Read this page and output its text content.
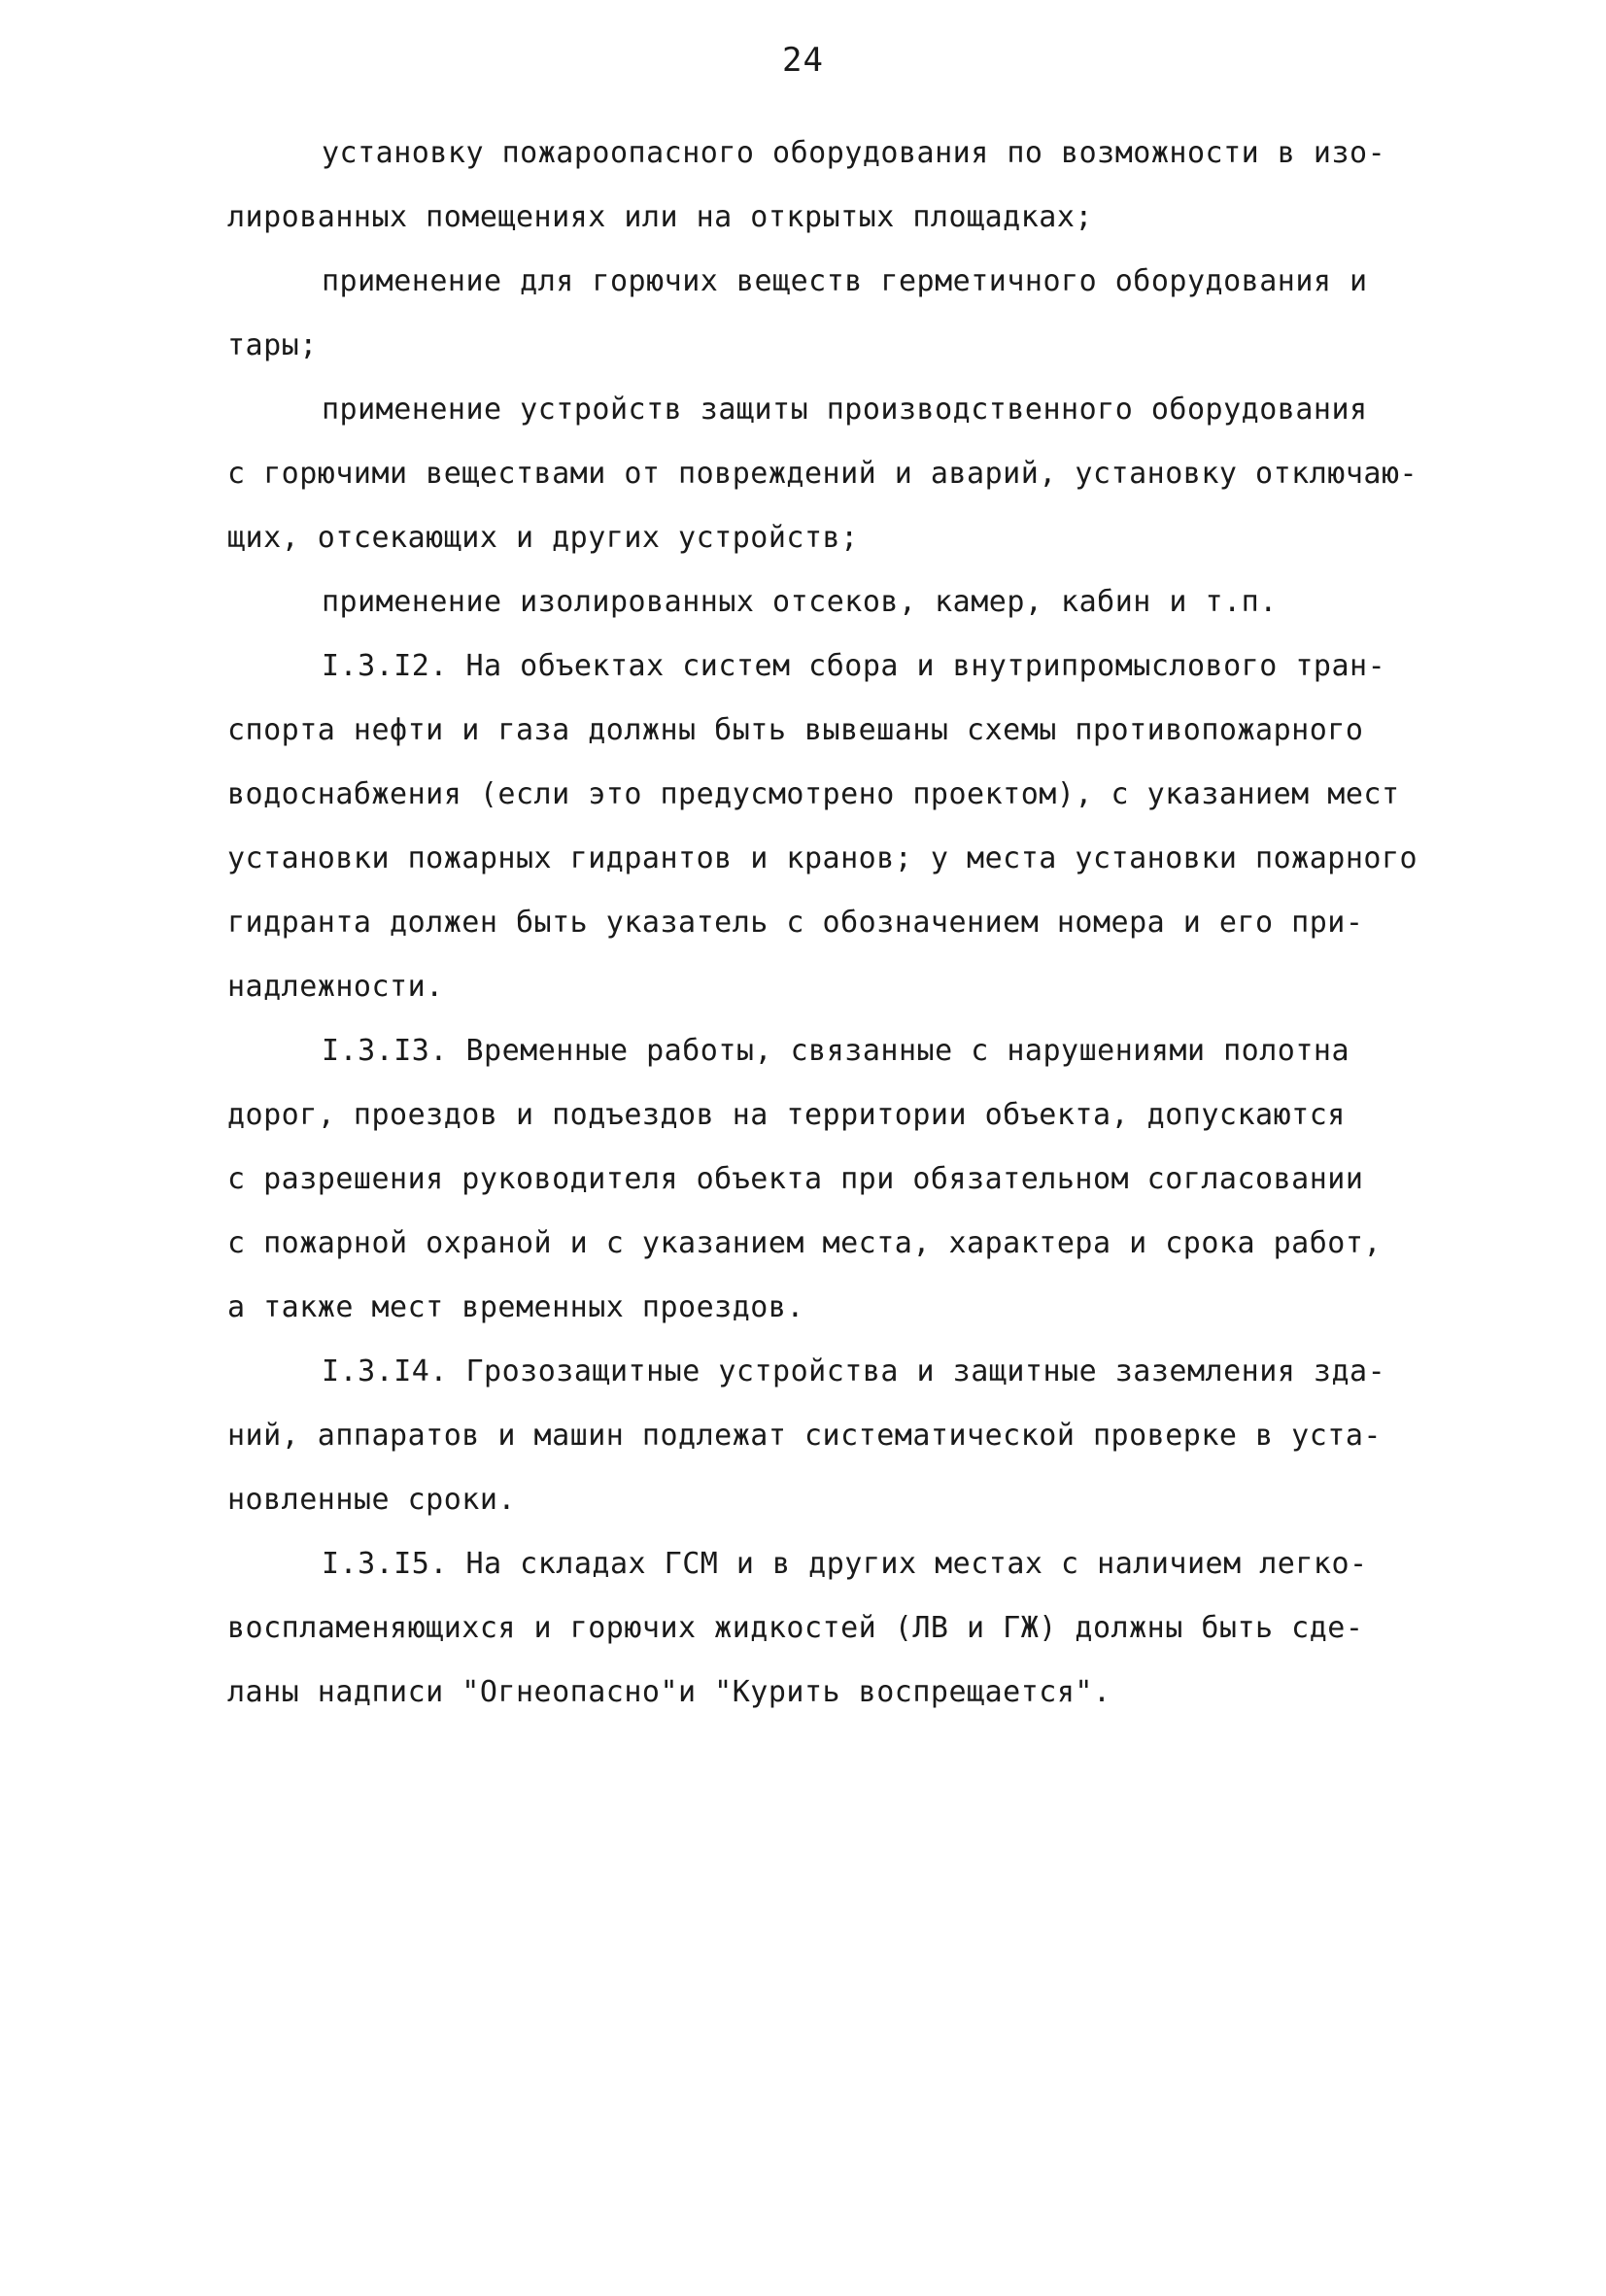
24
установку пожароопасного оборудования по возможности в изо-
лированных помещениях или на открытых площадках;
применение для горючих веществ герметичного оборудования и
тары;
применение устройств защиты производственного оборудования
с горючими веществами от повреждений и аварий, установку отключаю-
щих, отсекающих и других устройств;
применение изолированных отсеков, камер, кабин и т.п.
I.3.I2. На объектах систем сбора и внутрипромыслового тран-
спорта нефти и газа должны быть вывешаны схемы противопожарного
водоснабжения (если это предусмотрено проектом), с указанием мест
установки пожарных гидрантов и кранов; у места установки пожарного
гидранта должен быть указатель с обозначением номера и его при-
надлежности.
I.3.I3. Временные работы, связанные с нарушениями полотна
дорог, проездов и подъездов на территории объекта, допускаются
с разрешения руководителя объекта при обязательном согласовании
с пожарной охраной и с указанием места, характера и срока работ,
а также мест временных проездов.
I.3.I4. Грозозащитные устройства и защитные заземления зда-
ний, аппаратов и машин подлежат систематической проверке в уста-
новленные сроки.
I.3.I5. На складах ГСМ и в других местах с наличием легко-
воспламеняющихся и горючих жидкостей (ЛВ и ГЖ) должны быть сде-
ланы надписи "Огнеопасно"и "Курить воспрещается".
